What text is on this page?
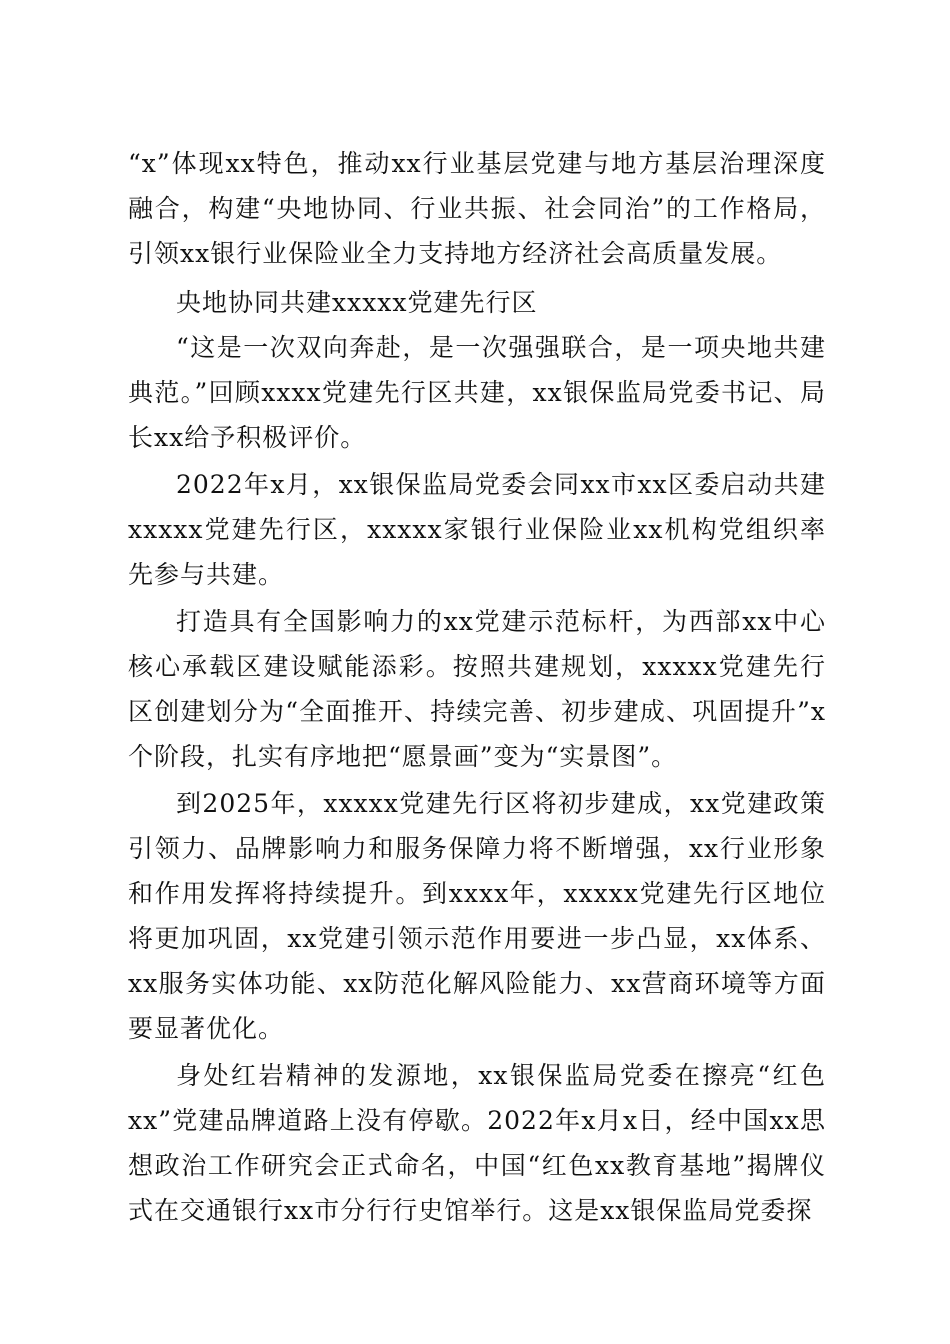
“x”体现xx特色，推动xx行业基层党建与地方基层治理深度融合，构建“央地协同、行业共振、社会同治”的工作格局，引领xx银行业保险业全力支持地方经济社会高质量发展。

央地协同共建xxxxx党建先行区

“这是一次双向奔赴，是一次强强联合，是一项央地共建典范。”回顾xxxx党建先行区共建，xx银保监局党委书记、局长xx给予积极评价。

2022年x月，xx银保监局党委会同xx市xx区委启动共建xxxxx党建先行区，xxxxx家银行业保险业xx机构党组织率先参与共建。

打造具有全国影响力的xx党建示范标杆，为西部xx中心核心承载区建设赋能添彩。按照共建规划，xxxxx党建先行区创建划分为“全面推开、持续完善、初步建成、巩固提升”x个阶段，扎实有序地把“愿景画”变为“实景图”。

到2025年，xxxxx党建先行区将初步建成，xx党建政策引领力、品牌影响力和服务保障力将不断增强，xx行业形象和作用发挥将持续提升。到xxxx年，xxxxx党建先行区地位将更加巩固，xx党建引领示范作用要进一步凸显，xx体系、xx服务实体功能、xx防范化解风险能力、xx营商环境等方面要显著优化。

身处红岩精神的发源地，xx银保监局党委在擦亮“红色xx”党建品牌道路上没有停歇。2022年x月x日，经中国xx思想政治工作研究会正式命名，中国“红色xx教育基地”揭牌仪式在交通银行xx市分行行史馆举行。这是xx银保监局党委探
